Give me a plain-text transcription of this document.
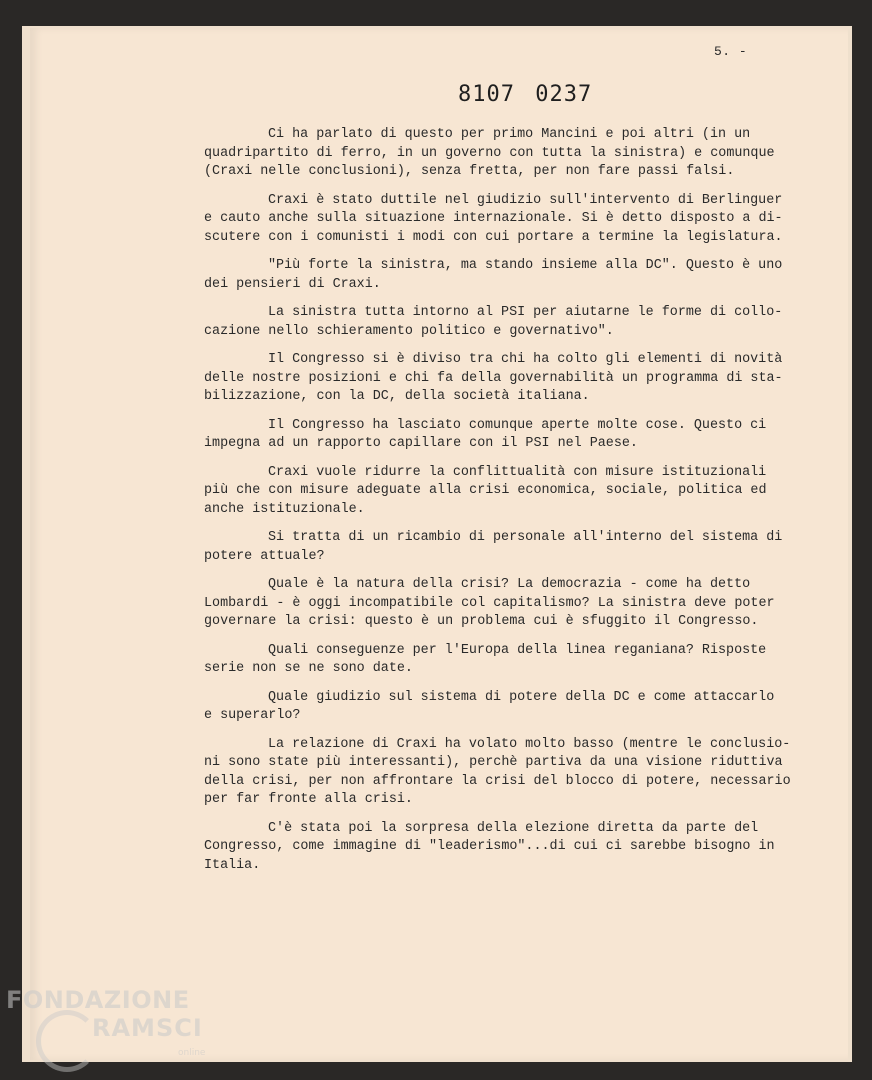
5. -
8107 0237

Ci ha parlato di questo per primo Mancini e poi altri (in un
quadripartito di ferro, in un governo con tutta la sinistra) e comunque
(Craxi nelle conclusioni), senza fretta, per non fare passi falsi.

Craxi è stato duttile nel giudizio sull'intervento di Berlinguer
e cauto anche sulla situazione internazionale. Si è detto disposto a di-
scutere con i comunisti i modi con cui portare a termine la legislatura.

"Più forte la sinistra, ma stando insieme alla DC". Questo è uno
dei pensieri di Craxi.

La sinistra tutta intorno al PSI per aiutarne le forme di collo-
cazione nello schieramento politico e governativo".

Il Congresso si è diviso tra chi ha colto gli elementi di novità
delle nostre posizioni e chi fa della governabilità un programma di sta-
bilizzazione, con la DC, della società italiana.

Il Congresso ha lasciato comunque aperte molte cose. Questo ci
impegna ad un rapporto capillare con il PSI nel Paese.

Craxi vuole ridurre la conflittualità con misure istituzionali
più che con misure adeguate alla crisi economica, sociale, politica ed
anche istituzionale.

Si tratta di un ricambio di personale all'interno del sistema di
potere attuale?

Quale è la natura della crisi? La democrazia - come ha detto
Lombardi - è oggi incompatibile col capitalismo? La sinistra deve poter
governare la crisi: questo è un problema cui è sfuggito il Congresso.

Quali conseguenze per l'Europa della linea reganiana? Risposte
serie non se ne sono date.

Quale giudizio sul sistema di potere della DC e come attaccarlo
e superarlo?

La relazione di Craxi ha volato molto basso (mentre le conclusio-
ni sono state più interessanti), perchè partiva da una visione riduttiva
della crisi, per non affrontare la crisi del blocco di potere, necessario
per far fronte alla crisi.

C'è stata poi la sorpresa della elezione diretta da parte del
Congresso, come immagine di "leaderismo"...di cui ci sarebbe bisogno in
Italia.

FONDAZIONE
RAMSCI
online
